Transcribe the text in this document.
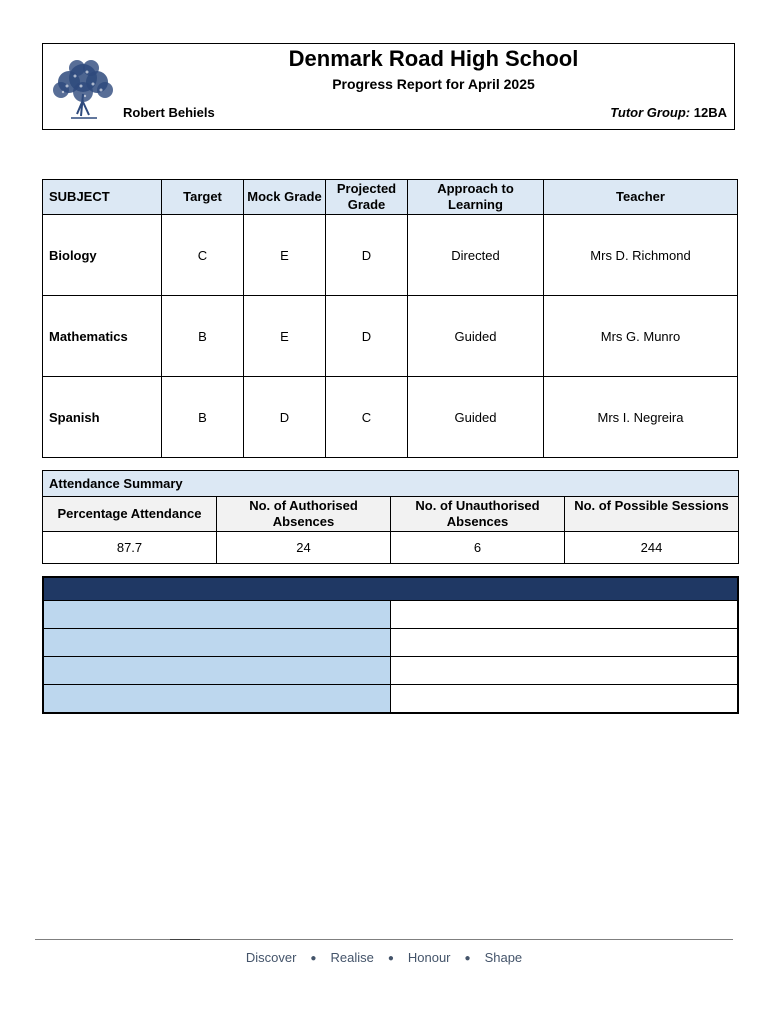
Denmark Road High School
Progress Report for April 2025
Robert Behiels	Tutor Group: 12BA
SUBJECT	Target	Mock Grade	Projected Grade	Approach to Learning	Teacher
Biology	C	E	D	Directed	Mrs D. Richmond
Mathematics	B	E	D	Guided	Mrs G. Munro
Spanish	B	D	C	Guided	Mrs I. Negreira
Attendance Summary			
Percentage Attendance	No. of Authorised Absences	No. of Unauthorised Absences	No. of Possible Sessions
87.7	24	6	244

Discover ● Realise ● Honour ● Shape
